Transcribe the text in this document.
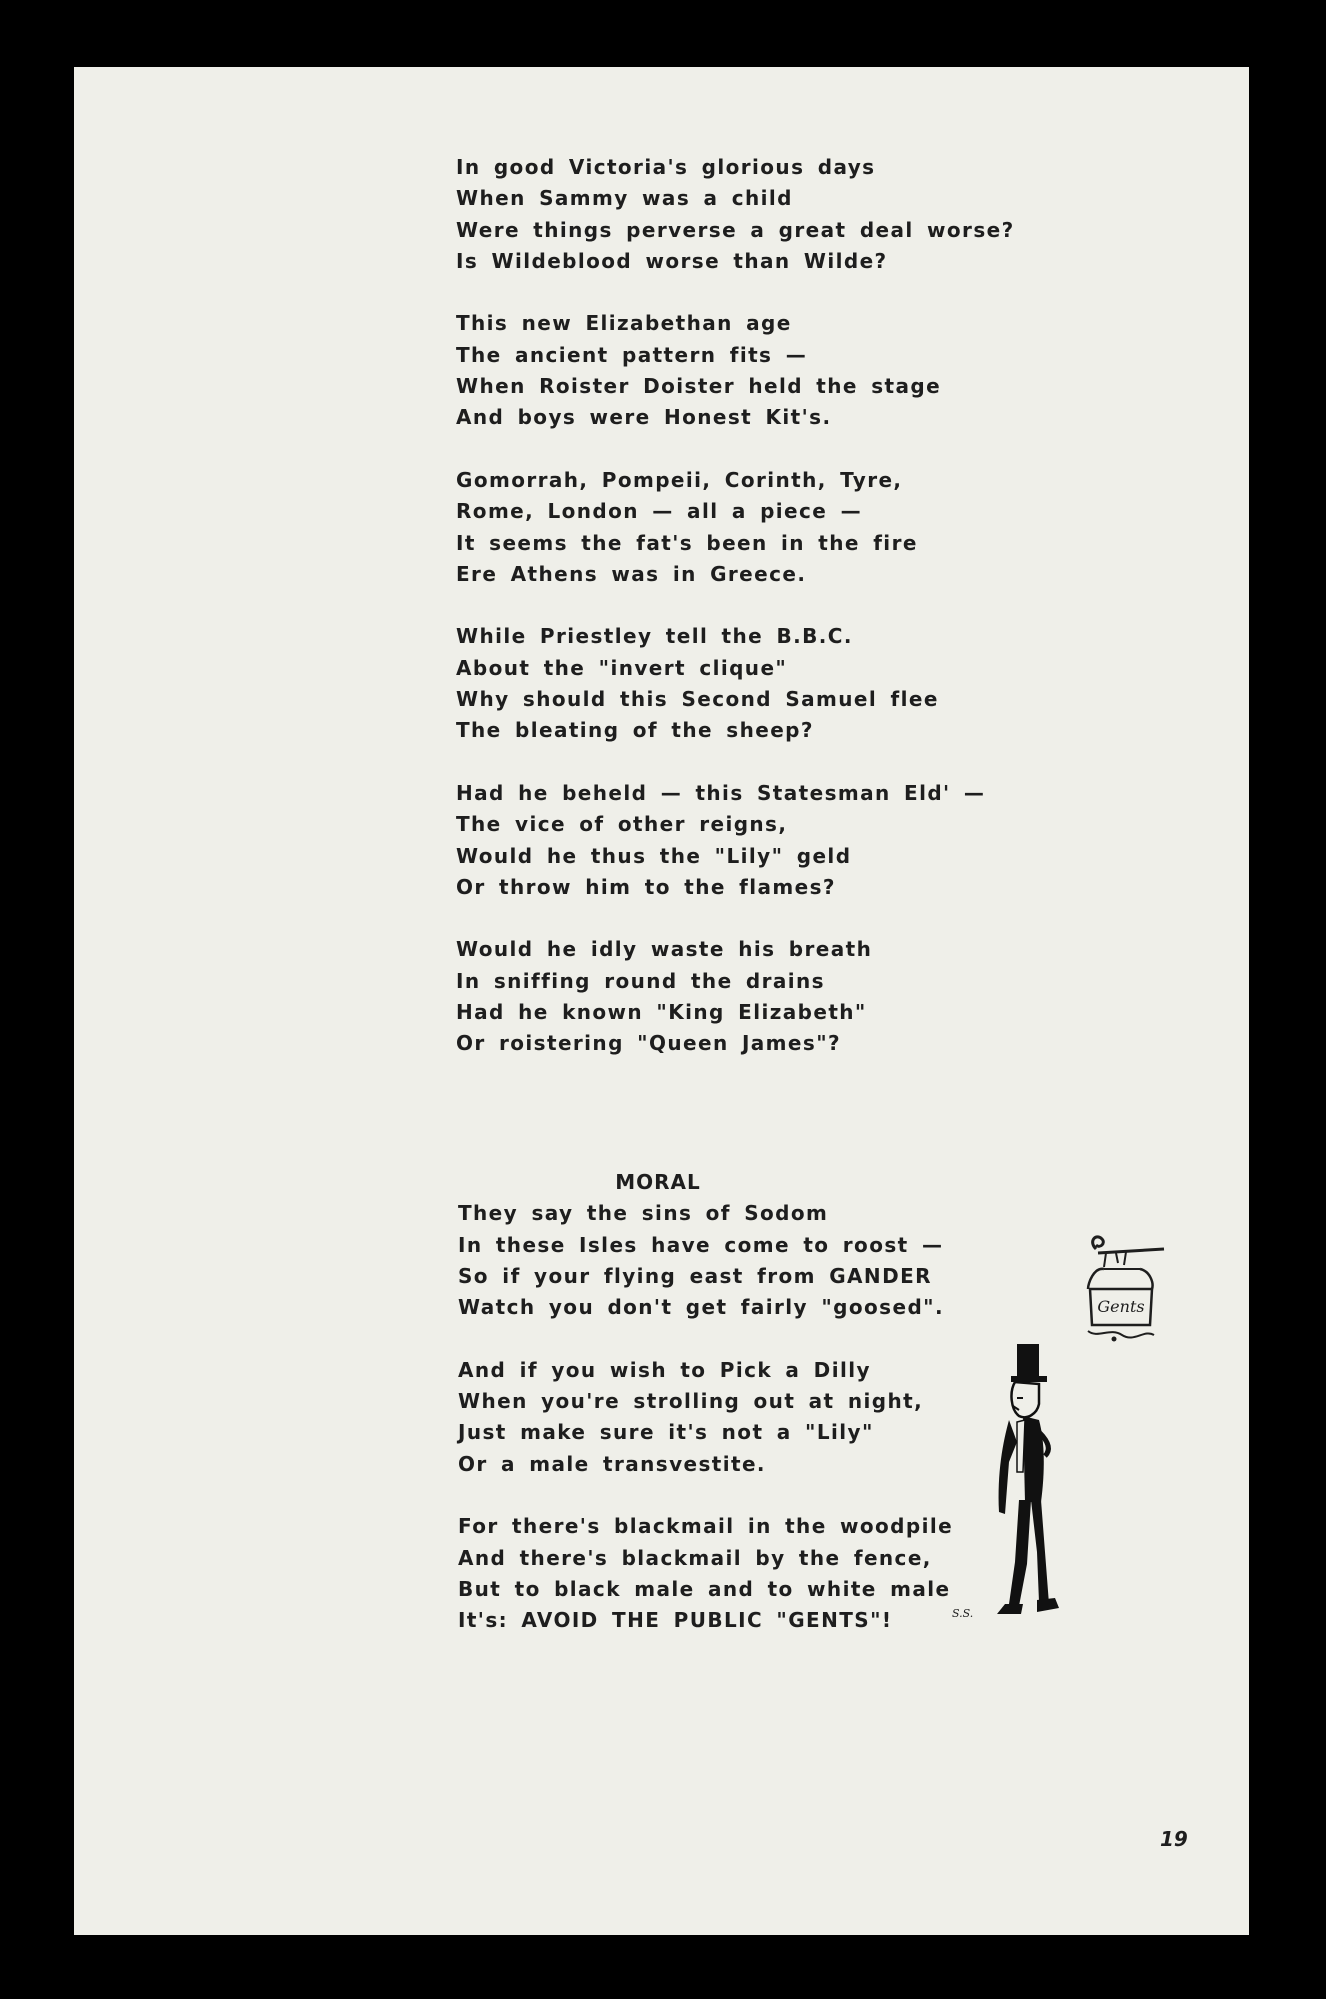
In good Victoria's glorious days
When Sammy was a child
Were things perverse a great deal worse?
Is Wildeblood worse than Wilde?
This new Elizabethan age
The ancient pattern fits —
When Roister Doister held the stage
And boys were Honest Kit's.
Gomorrah, Pompeii, Corinth, Tyre,
Rome, London — all a piece —
It seems the fat's been in the fire
Ere Athens was in Greece.
While Priestley tell the B.B.C.
About the "invert clique"
Why should this Second Samuel flee
The bleating of the sheep?
Had he beheld — this Statesman Eld' —
The vice of other reigns,
Would he thus the "Lily" geld
Or throw him to the flames?
Would he idly waste his breath
In sniffing round the drains
Had he known "King Elizabeth"
Or roistering "Queen James"?
MORAL
They say the sins of Sodom
In these Isles have come to roost —
So if your flying east from GANDER
Watch you don't get fairly "goosed".
And if you wish to Pick a Dilly
When you're strolling out at night,
Just make sure it's not a "Lily"
Or a male transvestite.
For there's blackmail in the woodpile
And there's blackmail by the fence,
But to black male and to white male
It's: AVOID THE PUBLIC "GENTS"!
Gents
S.S.
19
